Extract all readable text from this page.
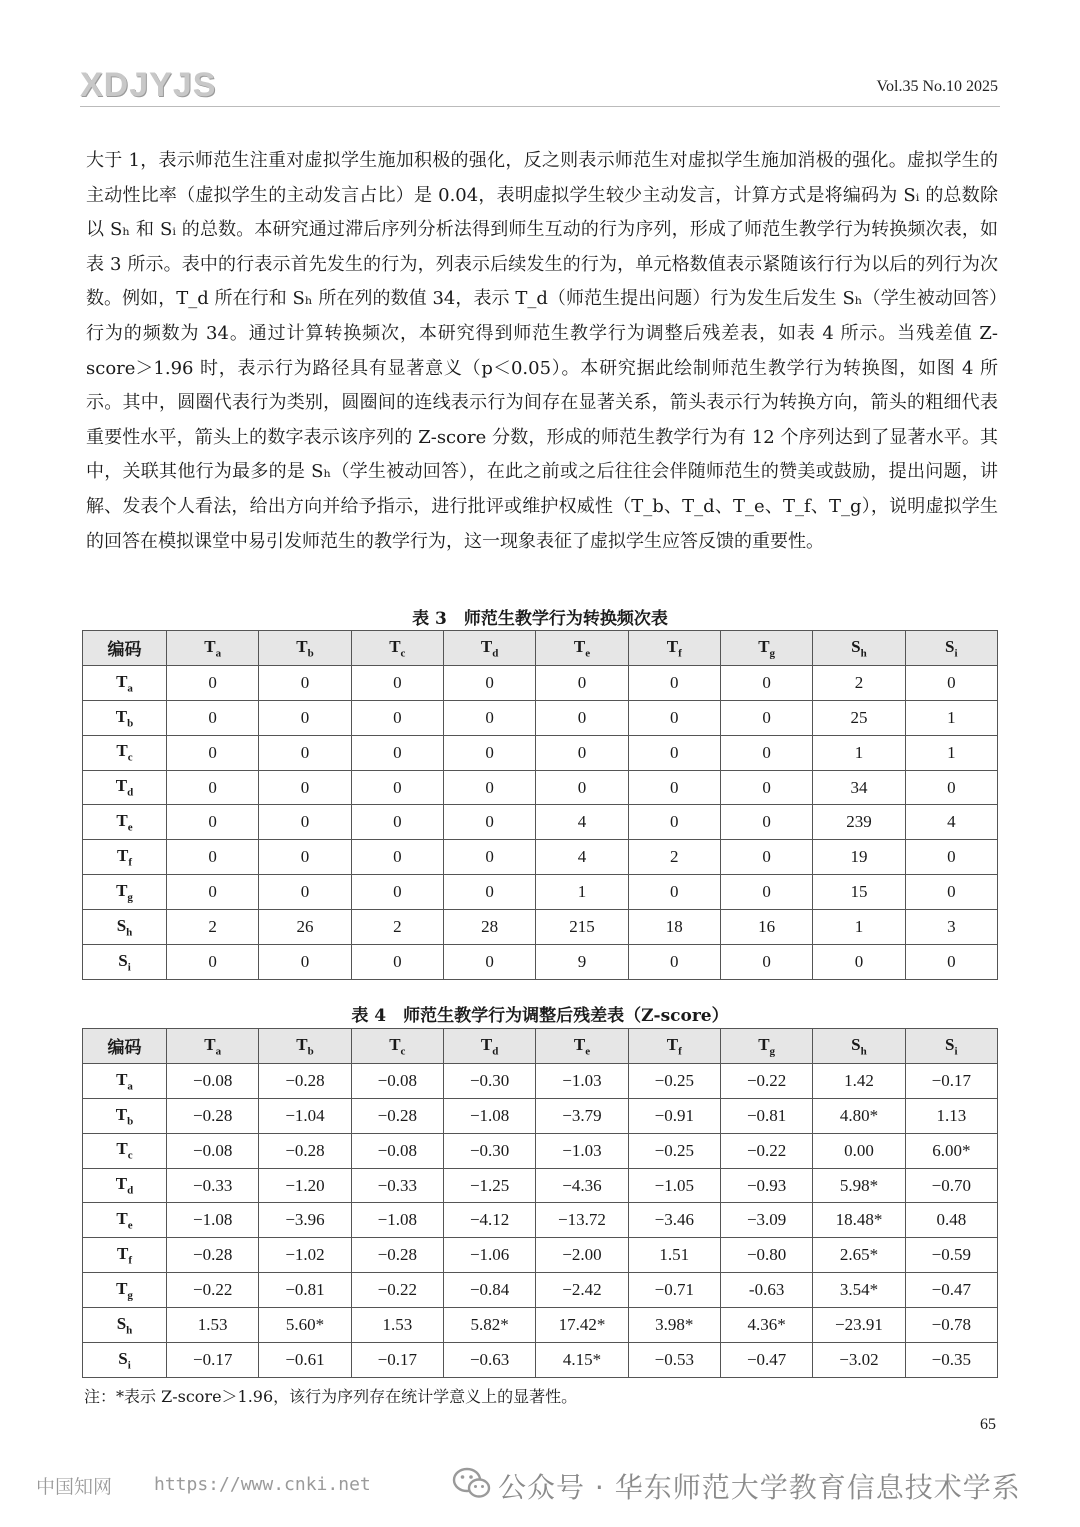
XDJYJS	Vol.35 No.10 2025

大于 1，表示师范生注重对虚拟学生施加积极的强化，反之则表示师范生对虚拟学生施加消极的强化。虚拟学生的主动性比率（虚拟学生的主动发言占比）是 0.04，表明虚拟学生较少主动发言，计算方式是将编码为 Sᵢ 的总数除以 Sₕ 和 Sᵢ 的总数。本研究通过滞后序列分析法得到师生互动的行为序列，形成了师范生教学行为转换频次表，如表 3 所示。表中的行表示首先发生的行为，列表示后续发生的行为，单元格数值表示紧随该行行为以后的列行为次数。例如，T_d 所在行和 Sₕ 所在列的数值 34，表示 T_d（师范生提出问题）行为发生后发生 Sₕ（学生被动回答）行为的频数为 34。通过计算转换频次，本研究得到师范生教学行为调整后残差表，如表 4 所示。当残差值 Z-score＞1.96 时，表示行为路径具有显著意义（p＜0.05）。本研究据此绘制师范生教学行为转换图，如图 4 所示。其中，圆圈代表行为类别，圆圈间的连线表示行为间存在显著关系，箭头表示行为转换方向，箭头的粗细代表重要性水平，箭头上的数字表示该序列的 Z-score 分数，形成的师范生教学行为有 12 个序列达到了显著水平。其中，关联其他行为最多的是 Sₕ（学生被动回答），在此之前或之后往往会伴随师范生的赞美或鼓励，提出问题，讲解、发表个人看法，给出方向并给予指示，进行批评或维护权威性（T_b、T_d、T_e、T_f、T_g），说明虚拟学生的回答在模拟课堂中易引发师范生的教学行为，这一现象表征了虚拟学生应答反馈的重要性。

表 3　师范生教学行为转换频次表
编码	$T_a$	$T_b$	$T_c$	$T_d$	$T_e$	$T_f$	$T_g$	$S_h$	$S_i$
$T_a$	0	0	0	0	0	0	0	2	0
$T_b$	0	0	0	0	0	0	0	25	1
$T_c$	0	0	0	0	0	0	0	1	1
$T_d$	0	0	0	0	0	0	0	34	0
$T_e$	0	0	0	0	4	0	0	239	4
$T_f$	0	0	0	0	4	2	0	19	0
$T_g$	0	0	0	0	1	0	0	15	0
$S_h$	2	26	2	28	215	18	16	1	3
$S_i$	0	0	0	0	9	0	0	0	0
表 4　师范生教学行为调整后残差表（Z-score）
编码	$T_a$	$T_b$	$T_c$	$T_d$	$T_e$	$T_f$	$T_g$	$S_h$	$S_i$
$T_a$	−0.08	−0.28	−0.08	−0.30	−1.03	−0.25	−0.22	1.42	−0.17
$T_b$	−0.28	−1.04	−0.28	−1.08	−3.79	−0.91	−0.81	4.80*	1.13
$T_c$	−0.08	−0.28	−0.08	−0.30	−1.03	−0.25	−0.22	0.00	6.00*
$T_d$	−0.33	−1.20	−0.33	−1.25	−4.36	−1.05	−0.93	5.98*	−0.70
$T_e$	−1.08	−3.96	−1.08	−4.12	−13.72	−3.46	−3.09	18.48*	0.48
$T_f$	−0.28	−1.02	−0.28	−1.06	−2.00	1.51	−0.80	2.65*	−0.59
$T_g$	−0.22	−0.81	−0.22	−0.84	−2.42	−0.71	-0.63	3.54*	−0.47
$S_h$	1.53	5.60*	1.53	5.82*	17.42*	3.98*	4.36*	−23.91	−0.78
$S_i$	−0.17	−0.61	−0.17	−0.63	4.15*	−0.53	−0.47	−3.02	−0.35
注：*表示 Z-score＞1.96，该行为序列存在统计学意义上的显著性。
65
中国知网 https://www.cnki.net	公众号 · 华东师范大学教育信息技术学系
